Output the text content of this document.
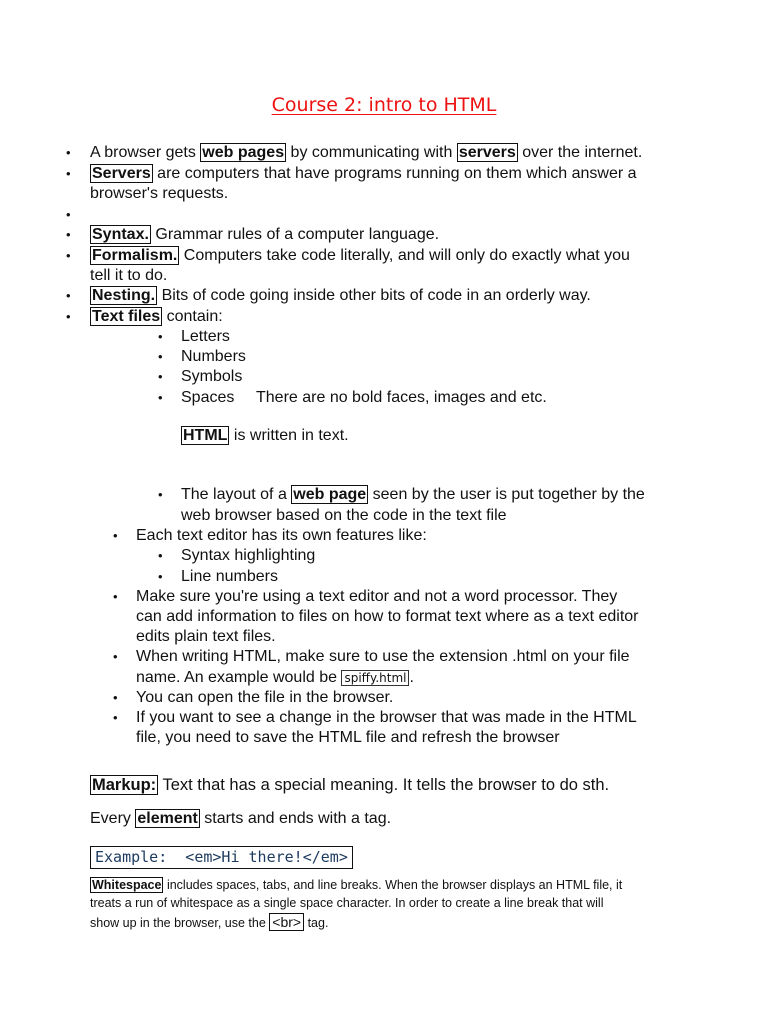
Course 2: intro to HTML
• A browser gets web pages by communicating with servers over the internet.
• Servers are computers that have programs running on them which answer a
browser's requests.
•
• Syntax. Grammar rules of a computer language.
• Formalism. Computers take code literally, and will only do exactly what you
tell it to do.
• Nesting. Bits of code going inside other bits of code in an orderly way.
• Text files contain:
• Letters
• Numbers
• Symbols
• Spaces There are no bold faces, images and etc.
HTML is written in text.
• The layout of a web page seen by the user is put together by the
web browser based on the code in the text file
• Each text editor has its own features like:
• Syntax highlighting
• Line numbers
• Make sure you're using a text editor and not a word processor. They
can add information to files on how to format text where as a text editor
edits plain text files.
• When writing HTML, make sure to use the extension .html on your file
name. An example would be spiffy.html .
• You can open the file in the browser.
• If you want to see a change in the browser that was made in the HTML
file, you need to save the HTML file and refresh the browser
Markup: Text that has a special meaning. It tells the browser to do sth.
Every element starts and ends with a tag.
Example:  <em>Hi there!</em>
Whitespace includes spaces, tabs, and line breaks. When the browser displays an HTML file, it
treats a run of whitespace as a single space character. In order to create a line break that will
show up in the browser, use the <br> tag.
